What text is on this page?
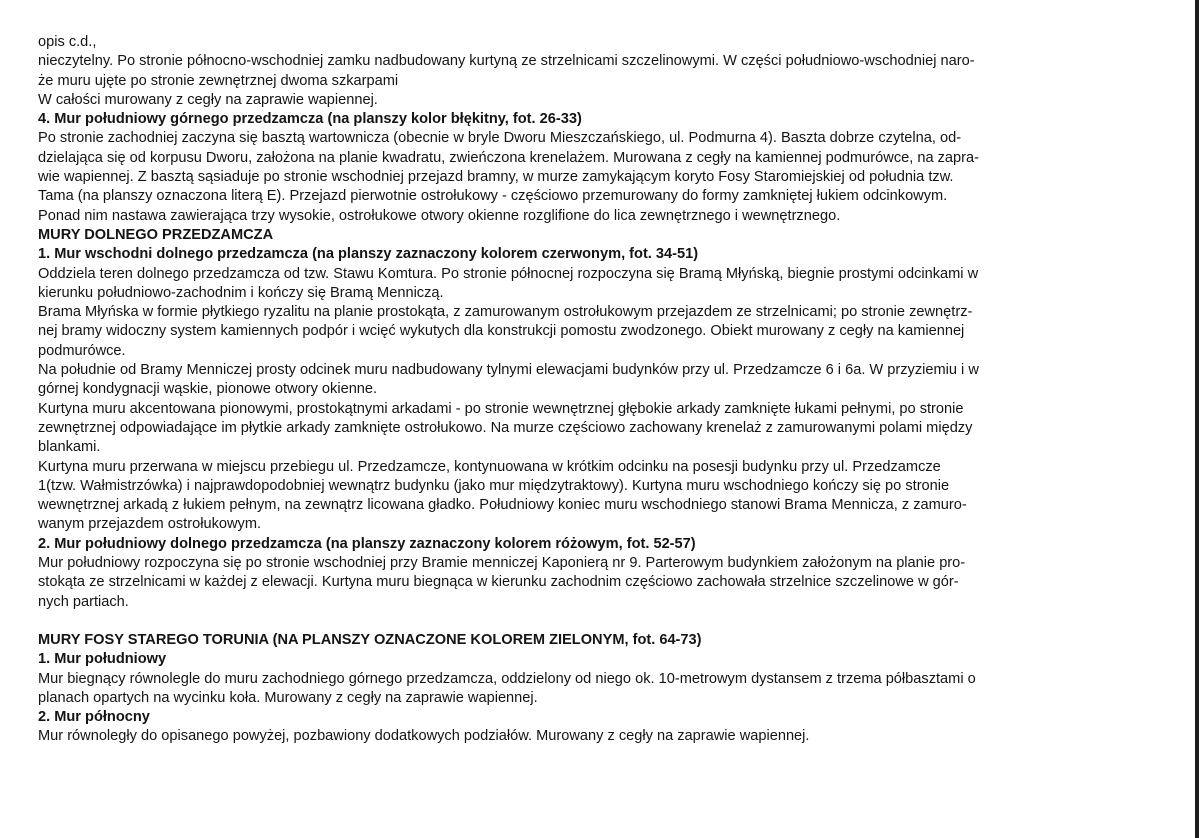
opis c.d.,
nieczytelny. Po stronie północno-wschodniej zamku nadbudowany kurtyną ze strzelnicami szczelinowymi. W części południowo-wschodniej naro-
że muru ujęte po stronie zewnętrznej dwoma szkarpami
W całości murowany z cegły na zaprawie wapiennej.
4. Mur południowy górnego przedzamcza (na planszy kolor błękitny, fot. 26-33)
Po stronie zachodniej zaczyna się basztą wartownicza (obecnie w bryle Dworu Mieszczańskiego, ul. Podmurna 4). Baszta dobrze czytelna, od-
dzielająca się od korpusu Dworu, założona na planie kwadratu, zwieńczona krenelażem. Murowana z cegły na kamiennej podmurówce, na zapra-
wie wapiennej. Z basztą sąsiaduje po stronie wschodniej przejazd bramny, w murze zamykającym koryto Fosy Staromiejskiej od południa tzw.
Tama (na planszy oznaczona literą E). Przejazd pierwotnie ostrołukowy - częściowo przemurowany do formy zamkniętej łukiem odcinkowym.
Ponad nim nastawa zawierająca trzy wysokie, ostrołukowe otwory okienne rozglifione do lica zewnętrznego i wewnętrznego.
MURY DOLNEGO PRZEDZAMCZA
1. Mur wschodni dolnego przedzamcza (na planszy zaznaczony kolorem czerwonym, fot. 34-51)
Oddziela teren dolnego przedzamcza od tzw. Stawu Komtura. Po stronie północnej rozpoczyna się Bramą Młyńską, biegnie prostymi odcinkami w
kierunku południowo-zachodnim i kończy się Bramą Menniczą.
Brama Młyńska w formie płytkiego ryzalitu na planie prostokąta, z zamurowanym ostrołukowym przejazdem ze strzelnicami; po stronie zewnętrz-
nej bramy widoczny system kamiennych podpór i wcięć wykutych dla konstrukcji pomostu zwodzonego. Obiekt murowany z cegły na kamiennej
podmurówce.
Na południe od Bramy Menniczej prosty odcinek muru nadbudowany tylnymi elewacjami budynków przy ul. Przedzamcze 6 i 6a. W przyziemiu i w
górnej kondygnacji wąskie, pionowe otwory okienne.
Kurtyna muru akcentowana pionowymi, prostokątnymi arkadami - po stronie wewnętrznej głębokie arkady zamknięte łukami pełnymi, po stronie
zewnętrznej odpowiadające im płytkie arkady zamknięte ostrołukowo. Na murze częściowo zachowany krenelaż z zamurowanymi polami między
blankami.
Kurtyna muru przerwana w miejscu przebiegu ul. Przedzamcze, kontynuowana w krótkim odcinku na posesji budynku przy ul. Przedzamcze
1(tzw. Wałmistrzówka) i najprawdopodobniej wewnątrz budynku (jako mur międzytraktowy). Kurtyna muru wschodniego kończy się po stronie
wewnętrznej arkadą z łukiem pełnym, na zewnątrz licowana gładko. Południowy koniec muru wschodniego stanowi Brama Mennicza, z zamuro-
wanym przejazdem ostrołukowym.
2. Mur południowy dolnego przedzamcza (na planszy zaznaczony kolorem różowym, fot. 52-57)
Mur południowy rozpoczyna się po stronie wschodniej przy Bramie menniczej Kaponierą nr 9. Parterowym budynkiem założonym na planie pro-
stokąta ze strzelnicami w każdej z elewacji. Kurtyna muru biegnąca w kierunku zachodnim częściowo zachowała strzelnice szczelinowe w gór-
nych partiach.
MURY FOSY STAREGO TORUNIA (NA PLANSZY OZNACZONE KOLOREM ZIELONYM, fot. 64-73)
1. Mur południowy
Mur biegnący równolegle do muru zachodniego górnego przedzamcza, oddzielony od niego ok. 10-metrowym dystansem z trzema półbasztami o
planach opartych na wycinku koła. Murowany z cegły na zaprawie wapiennej.
2. Mur północny
Mur równoległy do opisanego powyżej, pozbawiony dodatkowych podziałów. Murowany z cegły na zaprawie wapiennej.
